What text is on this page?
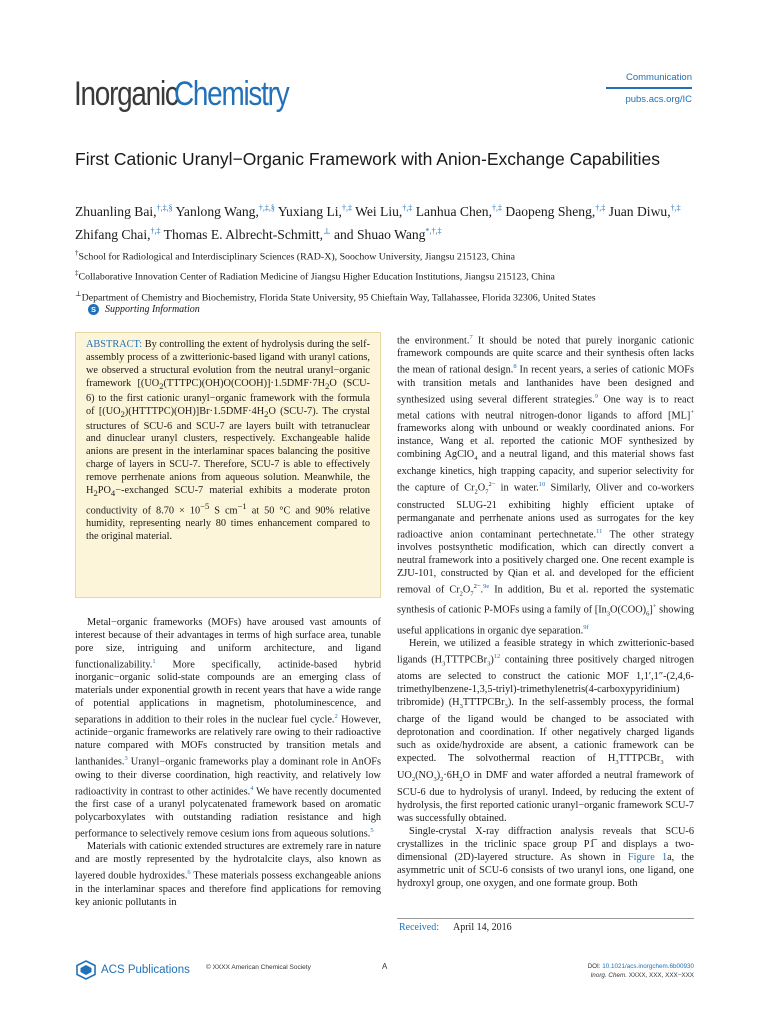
Inorganic
Chemistry	Communication
pubs.acs.org/IC
First Cationic Uranyl−Organic Framework with Anion-Exchange Capabilities
Zhuanling Bai,†,‡,§ Yanlong Wang,†,‡,§ Yuxiang Li,†,‡ Wei Liu,†,‡ Lanhua Chen,†,‡ Daopeng Sheng,†,‡ Juan Diwu,†,‡ Zhifang Chai,†,‡ Thomas E. Albrecht-Schmitt,⊥ and Shuao Wang*,†,‡
†School for Radiological and Interdisciplinary Sciences (RAD-X), Soochow University, Jiangsu 215123, China
‡Collaborative Innovation Center of Radiation Medicine of Jiangsu Higher Education Institutions, Jiangsu 215123, China
⊥Department of Chemistry and Biochemistry, Florida State University, 95 Chieftain Way, Tallahassee, Florida 32306, United States
S Supporting Information
ABSTRACT: By controlling the extent of hydrolysis during the self-assembly process of a zwitterionic-based ligand with uranyl cations, we observed a structural evolution from the neutral uranyl−organic framework [$(UO_2(TTTPC)(OH)O(COOH)]\cdot 1.5DMF\cdot 7H_2O$ (SCU-6) to the first cationic uranyl−organic framework with the formula of $[(UO_2)(HTTTPC)(OH)]Br\cdot 1.5DMF\cdot 4H_2O$ (SCU-7). The crystal structures of SCU-6 and SCU-7 are layers built with tetranuclear and dinuclear uranyl clusters, respectively. Exchangeable halide anions are present in the interlaminar spaces balancing the positive charge of layers in SCU-7. Therefore, SCU-7 is able to effectively remove perrhenate anions from aqueous solution. Meanwhile, the $H_2PO_4-$-exchanged SCU-7 material exhibits a moderate proton conductivity of $8.70 \times 10^{-5}$ S $cm^{-1}$ at 50 °C and 90% relative humidity, representing nearly 80 times enhancement compared to the original material.

Metal−organic frameworks (MOFs) have aroused vast amounts of interest because of their advantages in terms of high surface area, tunable pore size, intriguing and uniform architecture, and ligand functionalizability.$^1$ More specifically, actinide-based hybrid inorganic−organic solid-state compounds are an emerging class of materials under exponential growth in recent years that have a wide range of potential applications in magnetism, photoluminescence, and separations in addition to their roles in the nuclear fuel cycle.$^2$ However, actinide−organic frameworks are relatively rare owing to their radioactive nature compared with MOFs constructed by transition metals and lanthanides.$^3$ Uranyl−organic frameworks play a dominant role in AnOFs owing to their diverse coordination, high reactivity, and relatively low radioactivity in contrast to other actinides.$^4$ We have recently documented the first case of a uranyl polycatenated framework based on aromatic polycarboxylates with outstanding radiation resistance and high performance to selectively remove cesium ions from aqueous solutions.$^5$

Materials with cationic extended structures are extremely rare in nature and are mostly represented by the hydrotalcite clays, also known as layered double hydroxides.$^6$ These materials possess exchangeable anions in the interlaminar spaces and therefore find applications for removing key anionic pollutants in

the environment.$^7$ It should be noted that purely inorganic cationic framework compounds are quite scarce and their synthesis often lacks the mean of rational design.$^8$ In recent years, a series of cationic MOFs with transition metals and lanthanides have been designed and synthesized using several different strategies.$^9$ One way is to react metal cations with neutral nitrogen-donor ligands to afford [ML]+ frameworks along with unbound or weakly coordinated anions. For instance, Wang et al. reported the cationic MOF synthesized by combining AgClO$_4$ and a neutral ligand, and this material shows fast exchange kinetics, high trapping capacity, and superior selectivity for the capture of $Cr_2O_7^{2-}$ in water.$^{10}$ Similarly, Oliver and co-workers constructed SLUG-21 exhibiting highly efficient uptake of permanganate and perrhenate anions used as surrogates for the key radioactive anion contaminant pertechnetate.$^{11}$ The other strategy involves postsynthetic modification, which can directly convert a neutral framework into a positively charged one. One recent example is ZJU-101, constructed by Qian et al. and developed for the efficient removal of $Cr_2O_7^{2-}.^{9e}$ In addition, Bu et al. reported the systematic synthesis of cationic P-MOFs using a family of $[In_3O(COO)_6]^+$ showing useful applications in organic dye separation.$^{9f}$

Herein, we utilized a feasible strategy in which zwitterionic-based ligands $(H_3TTTPCBr_3)^{12}$ containing three positively charged nitrogen atoms are selected to construct the cationic MOF 1,1′,1″-(2,4,6-trimethylbenzene-1,3,5-triyl)-trimethylenetris(4-carboxypyridinium) tribromide) $(H_3TTTPCBr_3)$. In the self-assembly process, the formal charge of the ligand would be changed to be associated with deprotonation and coordination. If other negatively charged ligands such as oxide/hydroxide are absent, a cationic framework can be expected. The solvothermal reaction of $H_3TTTPCBr_3$ with $UO_2(NO_3)_2\cdot 6H_2O$ in DMF and water afforded a neutral framework of SCU-6 due to hydrolysis of uranyl. Indeed, by reducing the extent of hydrolysis, the first reported cationic uranyl−organic framework SCU-7 was successfully obtained.

Single-crystal X-ray diffraction analysis reveals that SCU-6 crystallizes in the triclinic space group P1̅ and displays a two-dimensional (2D)-layered structure. As shown in Figure 1a, the asymmetric unit of SCU-6 consists of two uranyl ions, one ligand, one hydroxyl group, one oxygen, and one formate group. Both

Received: April 14, 2016
ACS Publications © XXXX American Chemical Society	A	DOI: 10.1021/acs.inorgchem.6b00930
Inorg. Chem. XXXX, XXX, XXX−XXX
